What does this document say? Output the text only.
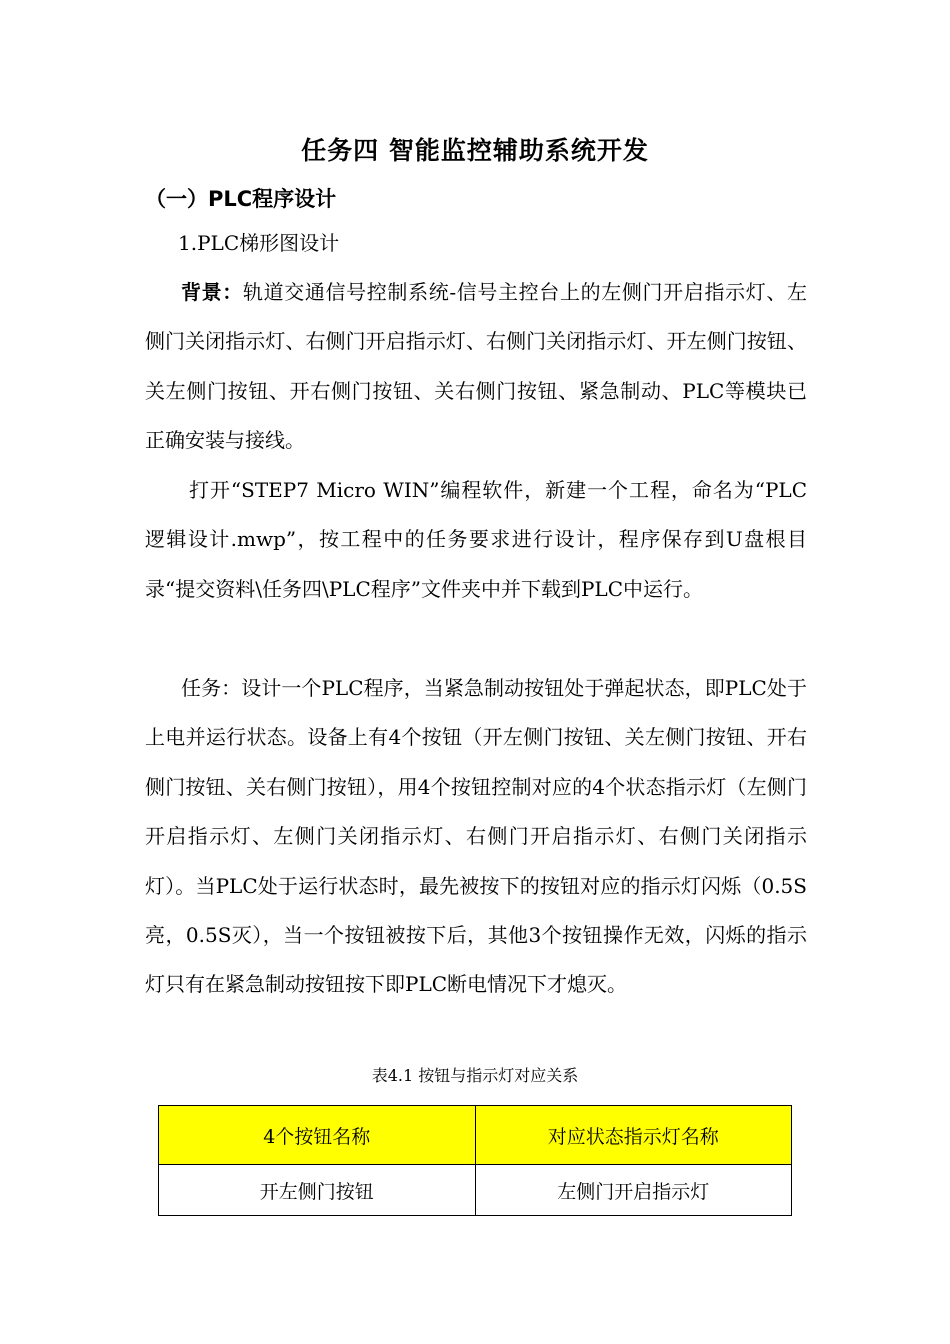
任务四 智能监控辅助系统开发
（一）PLC程序设计
1.PLC梯形图设计

背景：轨道交通信号控制系统-信号主控台上的左侧门开启指示灯、左侧门关闭指示灯、右侧门开启指示灯、右侧门关闭指示灯、开左侧门按钮、关左侧门按钮、开右侧门按钮、关右侧门按钮、紧急制动、PLC等模块已正确安装与接线。

打开“STEP7 Micro WIN”编程软件，新建一个工程，命名为“PLC逻辑设计.mwp”，按工程中的任务要求进行设计，程序保存到U盘根目录“提交资料\任务四\PLC程序”文件夹中并下载到PLC中运行。

任务：设计一个PLC程序，当紧急制动按钮处于弹起状态，即PLC处于上电并运行状态。设备上有4个按钮（开左侧门按钮、关左侧门按钮、开右侧门按钮、关右侧门按钮），用4个按钮控制对应的4个状态指示灯（左侧门开启指示灯、左侧门关闭指示灯、右侧门开启指示灯、右侧门关闭指示灯）。当PLC处于运行状态时，最先被按下的按钮对应的指示灯闪烁（0.5S亮，0.5S灭），当一个按钮被按下后，其他3个按钮操作无效，闪烁的指示灯只有在紧急制动按钮按下即PLC断电情况下才熄灭。

表4.1 按钮与指示灯对应关系
4个按钮名称	对应状态指示灯名称
开左侧门按钮	左侧门开启指示灯
